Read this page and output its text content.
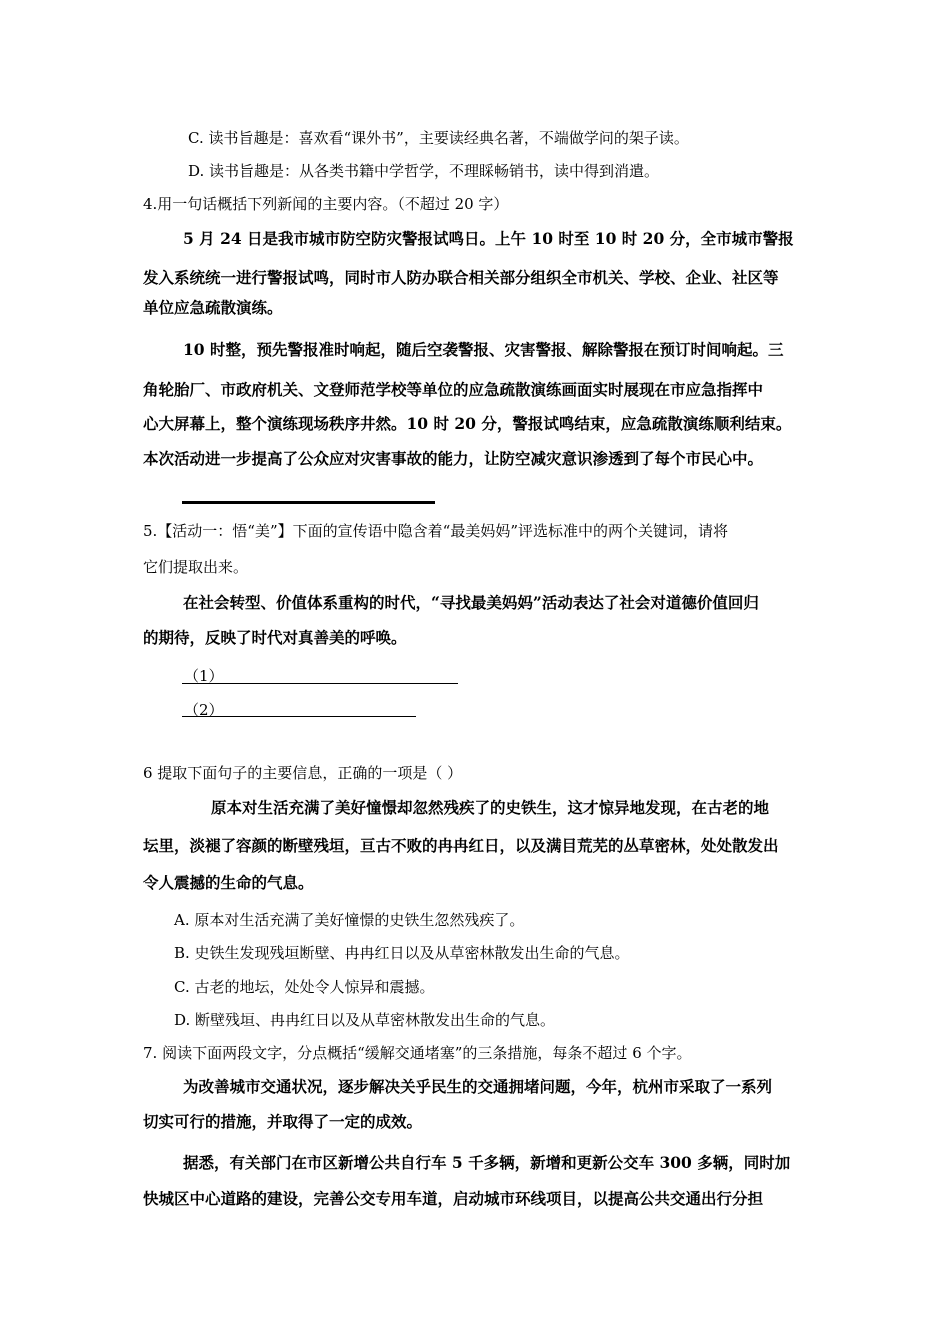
C. 读书旨趣是：喜欢看“课外书”，主要读经典名著，不端做学问的架子读。
D. 读书旨趣是：从各类书籍中学哲学，不理睬畅销书，读中得到消遣。
4.用一句话概括下列新闻的主要内容。（不超过 20 字）
5 月 24 日是我市城市防空防灾警报试鸣日。上午 10 时至 10 时 20 分，全市城市警报
发入系统统一进行警报试鸣，同时市人防办联合相关部分组织全市机关、学校、企业、社区等
单位应急疏散演练。
10 时整，预先警报准时响起，随后空袭警报、灾害警报、解除警报在预订时间响起。三
角轮胎厂、市政府机关、文登师范学校等单位的应急疏散演练画面实时展现在市应急指挥中
心大屏幕上，整个演练现场秩序井然。10 时 20 分，警报试鸣结束，应急疏散演练顺利结束。
本次活动进一步提高了公众应对灾害事故的能力，让防空减灾意识渗透到了每个市民心中。
5.【活动一：悟“美”】下面的宣传语中隐含着“最美妈妈”评选标准中的两个关键词，请将
它们提取出来。
在社会转型、价值体系重构的时代，“寻找最美妈妈”活动表达了社会对道德价值回归
的期待，反映了时代对真善美的呼唤。
（1）
（2）
6 提取下面句子的主要信息，正确的一项是（ ）
原本对生活充满了美好憧憬却忽然残疾了的史铁生，这才惊异地发现，在古老的地
坛里，淡褪了容颜的断壁残垣，亘古不败的冉冉红日，以及满目荒芜的丛草密林，处处散发出
令人震撼的生命的气息。
A. 原本对生活充满了美好憧憬的史铁生忽然残疾了。
B. 史铁生发现残垣断壁、冉冉红日以及从草密林散发出生命的气息。
C. 古老的地坛，处处令人惊异和震撼。
D. 断壁残垣、冉冉红日以及从草密林散发出生命的气息。
7. 阅读下面两段文字，分点概括“缓解交通堵塞”的三条措施，每条不超过 6 个字。
为改善城市交通状况，逐步解决关乎民生的交通拥堵问题，今年，杭州市采取了一系列
切实可行的措施，并取得了一定的成效。
据悉，有关部门在市区新增公共自行车 5 千多辆，新增和更新公交车 300 多辆，同时加
快城区中心道路的建设，完善公交专用车道，启动城市环线项目，以提高公共交通出行分担
